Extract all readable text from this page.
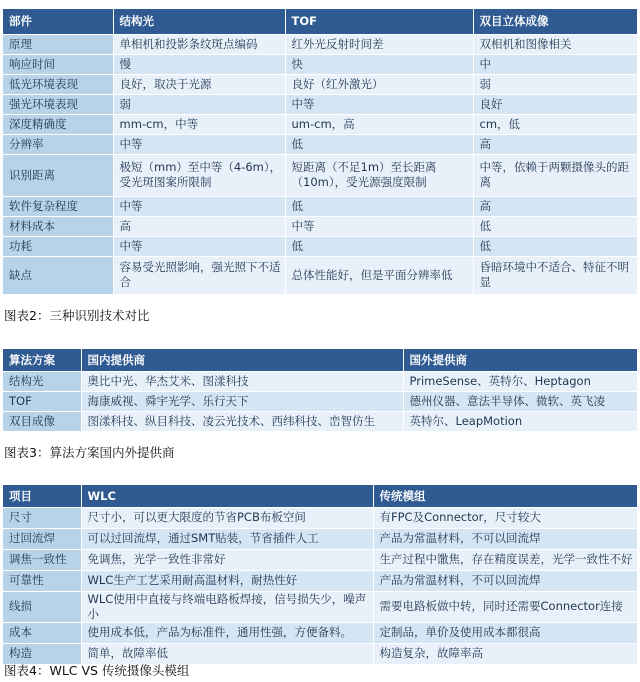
部件	结构光	TOF	双目立体成像
原理	单相机和投影条纹斑点编码	红外光反射时间差	双相机和图像相关
响应时间	慢	快	中
低光环境表现	良好，取决于光源	良好（红外激光）	弱
强光环境表现	弱	中等	良好
深度精确度	mm-cm，中等	um-cm，高	cm，低
分辨率	中等	低	高
识别距离	极短（mm）至中等（4-6m），受光斑图案所限制	短距离（不足1m）至长距离（10m），受光源强度限制	中等，依赖于两颗摄像头的距离
软件复杂程度	中等	低	高
材料成本	高	中等	低
功耗	中等	低	低
缺点	容易受光照影响，强光照下不适合	总体性能好，但是平面分辨率低	昏暗环境中不适合、特征不明显
图表2：三种识别技术对比
算法方案	国内提供商	国外提供商
结构光	奥比中光、华杰艾米、图漾科技	PrimeSense、英特尔、Heptagon
TOF	海康威视、舜宇光学、乐行天下	德州仪器、意法半导体、微软、英飞凌
双目成像	图漾科技、纵目科技、凌云光技术、西纬科技、峦智仿生	英特尔、LeapMotion
图表3：算法方案国内外提供商
项目	WLC	传统模组
尺寸	尺寸小，可以更大限度的节省PCB布板空间	有FPC及Connector，尺寸较大
过回流焊	可以过回流焊，通过SMT贴装，节省插件人工	产品为常温材料，不可以回流焊
调焦一致性	免调焦，光学一致性非常好	生产过程中馓焦，存在精度误差，光学一致性不好
可靠性	WLC生产工艺采用耐高温材料，耐热性好	产品为常温材料，不可以回流焊
线损	WLC使用中直接与终端电路板焊接，信号损失少，噪声小	需要电路板做中转，同时还需要Connector连接
成本	使用成本低，产品为标准件，通用性强，方便备料。	定制品，单价及使用成本都很高
构造	简单，故障率低	构造复杂，故障率高
图表4：WLC VS 传统摄像头模组
